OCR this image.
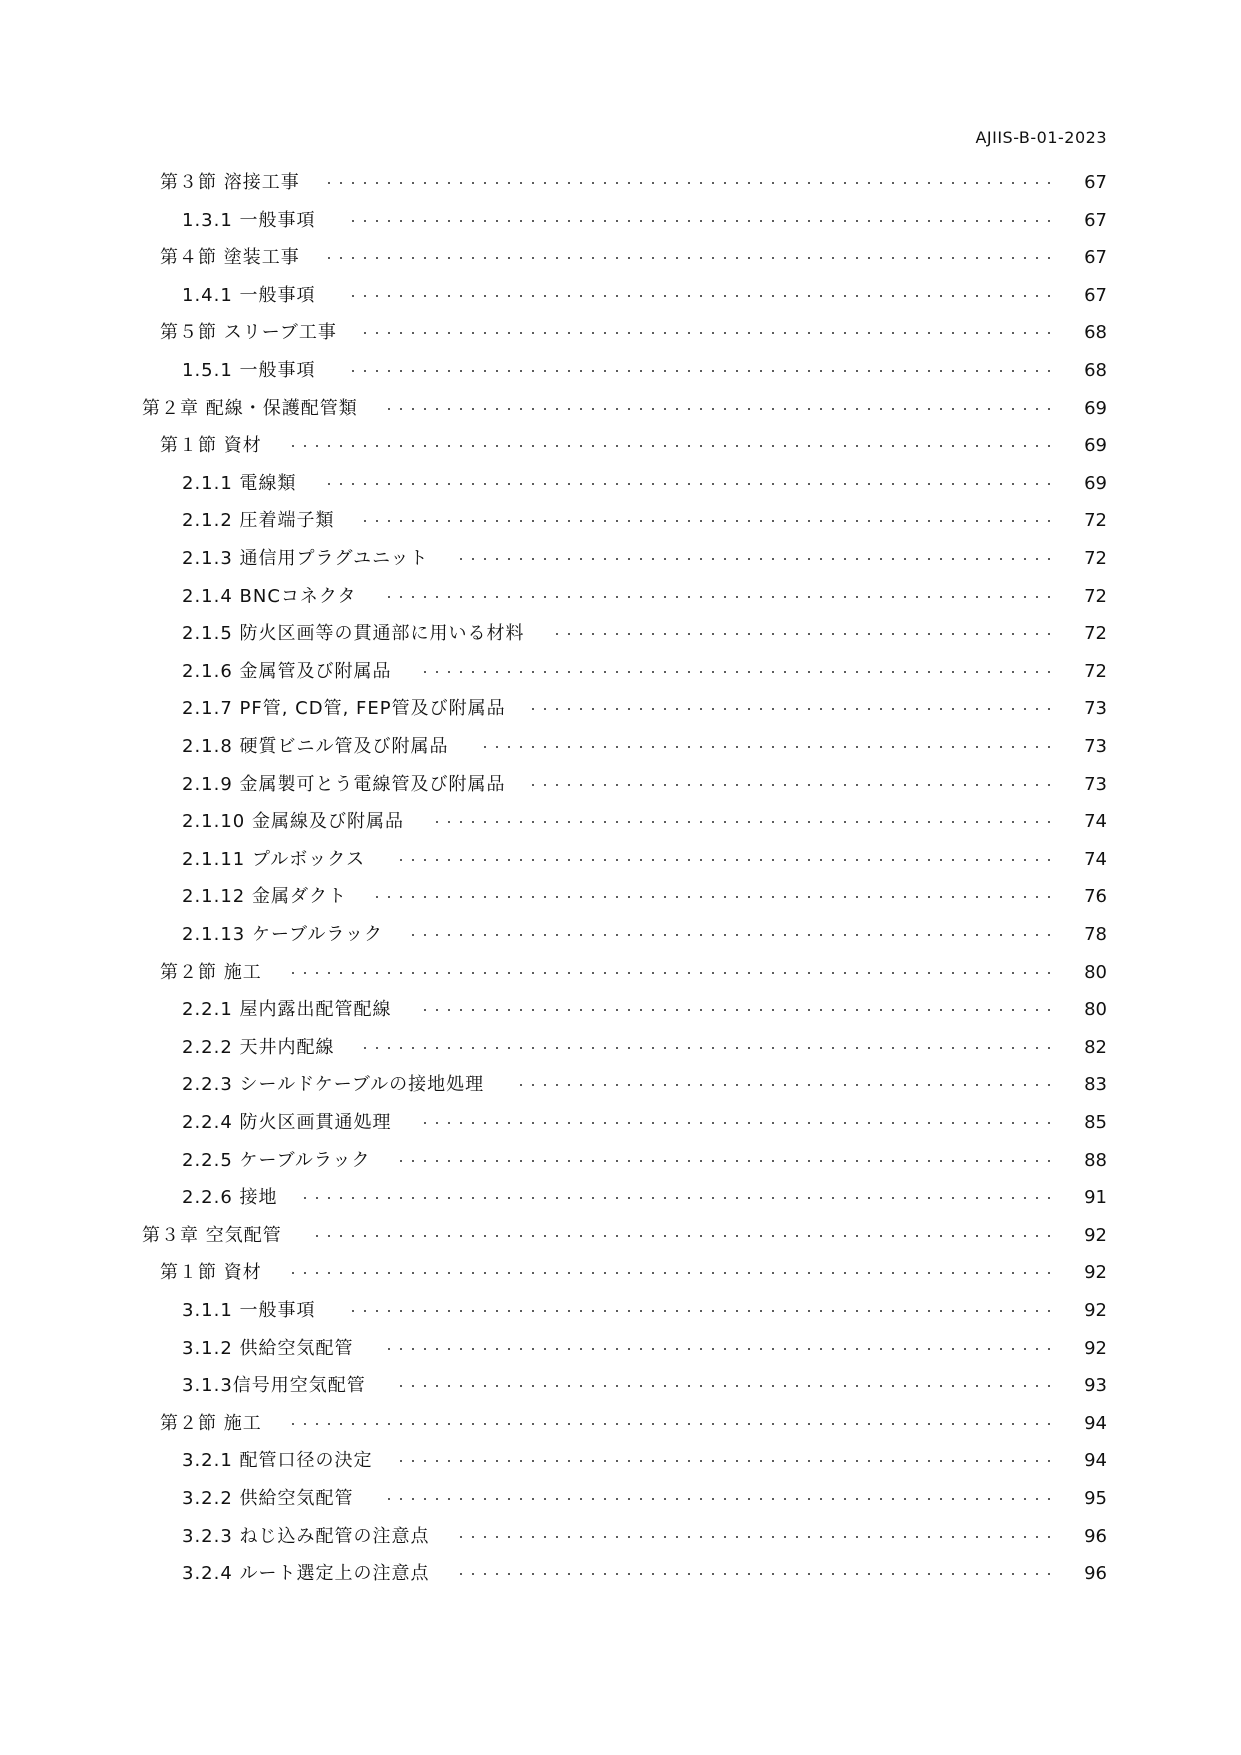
AJIIS-B-01-2023
第３節 溶接工事	67
1.3.1 一般事項	67
第４節 塗装工事	67
1.4.1 一般事項	67
第５節 スリーブ工事	68
1.5.1 一般事項	68
第２章 配線・保護配管類	69
第１節 資材	69
2.1.1 電線類	69
2.1.2 圧着端子類	72
2.1.3 通信用プラグユニット	72
2.1.4 BNCコネクタ	72
2.1.5 防火区画等の貫通部に用いる材料	72
2.1.6 金属管及び附属品	72
2.1.7 PF管, CD管, FEP管及び附属品	73
2.1.8 硬質ビニル管及び附属品	73
2.1.9 金属製可とう電線管及び附属品	73
2.1.10 金属線及び附属品	74
2.1.11 プルボックス	74
2.1.12 金属ダクト	76
2.1.13 ケーブルラック	78
第２節 施工	80
2.2.1 屋内露出配管配線	80
2.2.2 天井内配線	82
2.2.3 シールドケーブルの接地処理	83
2.2.4 防火区画貫通処理	85
2.2.5 ケーブルラック	88
2.2.6 接地	91
第３章 空気配管	92
第１節 資材	92
3.1.1 一般事項	92
3.1.2 供給空気配管	92
3.1.3信号用空気配管	93
第２節 施工	94
3.2.1 配管口径の決定	94
3.2.2 供給空気配管	95
3.2.3 ねじ込み配管の注意点	96
3.2.4 ルート選定上の注意点	96
